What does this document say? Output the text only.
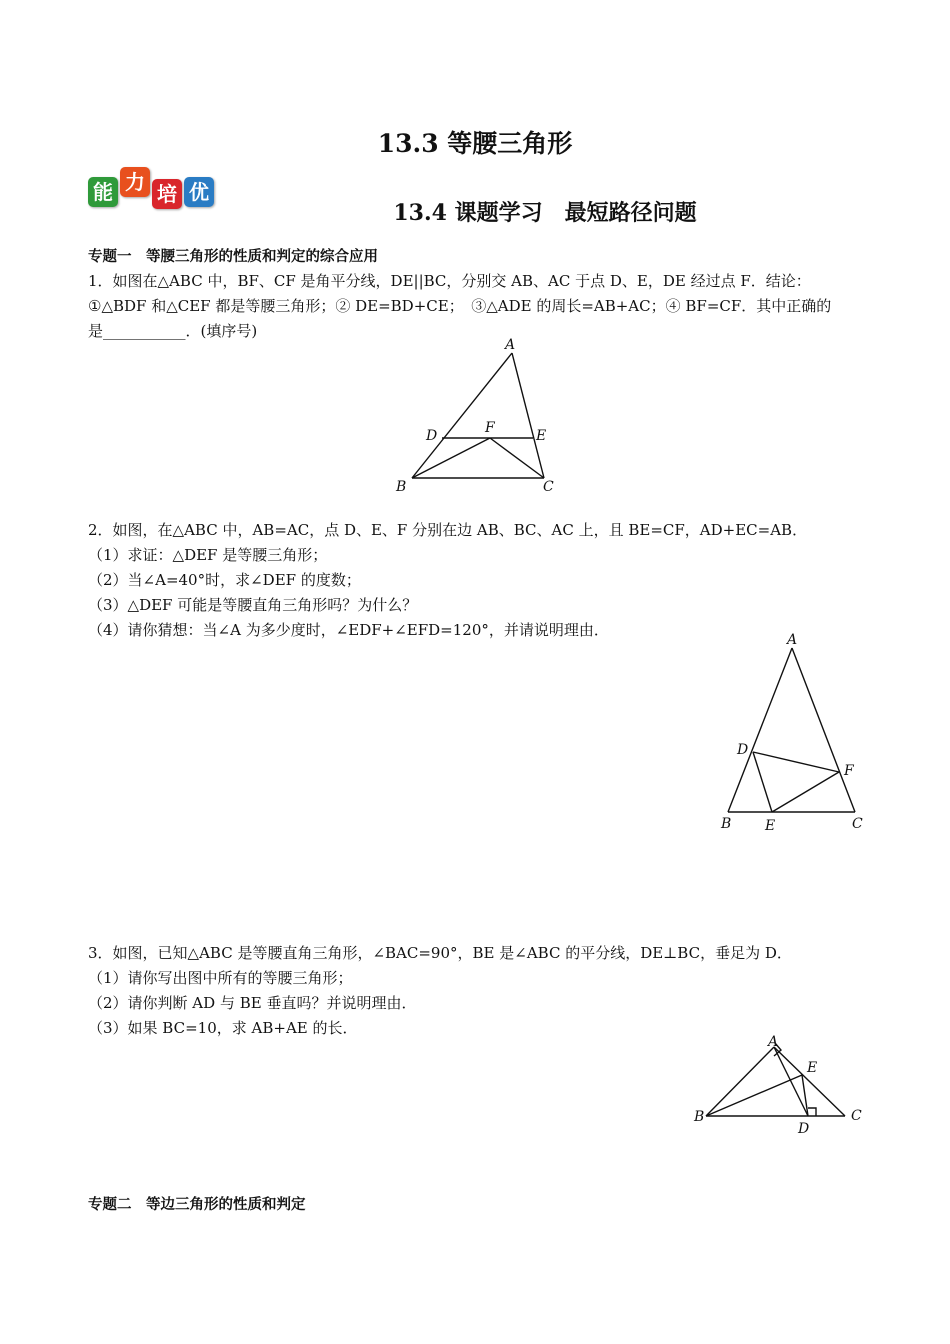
13.3 等腰三角形
能 力 培 优
13.4 课题学习　最短路径问题
专题一　等腰三角形的性质和判定的综合应用
1．如图在△ABC 中，BF、CF 是角平分线，DE||BC，分别交 AB、AC 于点 D、E，DE 经过点 F．结论：
①△BDF 和△CEF 都是等腰三角形；② DE=BD+CE；　③△ADE 的周长=AB+AC；④ BF=CF．其中正确的
是___________．(填序号)
A
B	C
D	E
F
2．如图，在△ABC 中，AB=AC，点 D、E、F 分别在边 AB、BC、AC 上，且 BE=CF，AD+EC=AB．
（1）求证：△DEF 是等腰三角形；
（2）当∠A=40°时，求∠DEF 的度数；
（3）△DEF 可能是等腰直角三角形吗？为什么？
（4）请你猜想：当∠A 为多少度时，∠EDF+∠EFD=120°，并请说明理由．
A
B	C
D
E
F
3．如图，已知△ABC 是等腰直角三角形，∠BAC=90°，BE 是∠ABC 的平分线，DE⊥BC，垂足为 D．
（1）请你写出图中所有的等腰三角形；
（2）请你判断 AD 与 BE 垂直吗？并说明理由．
（3）如果 BC=10，求 AB+AE 的长．
A
B	C
D
E
专题二　等边三角形的性质和判定
